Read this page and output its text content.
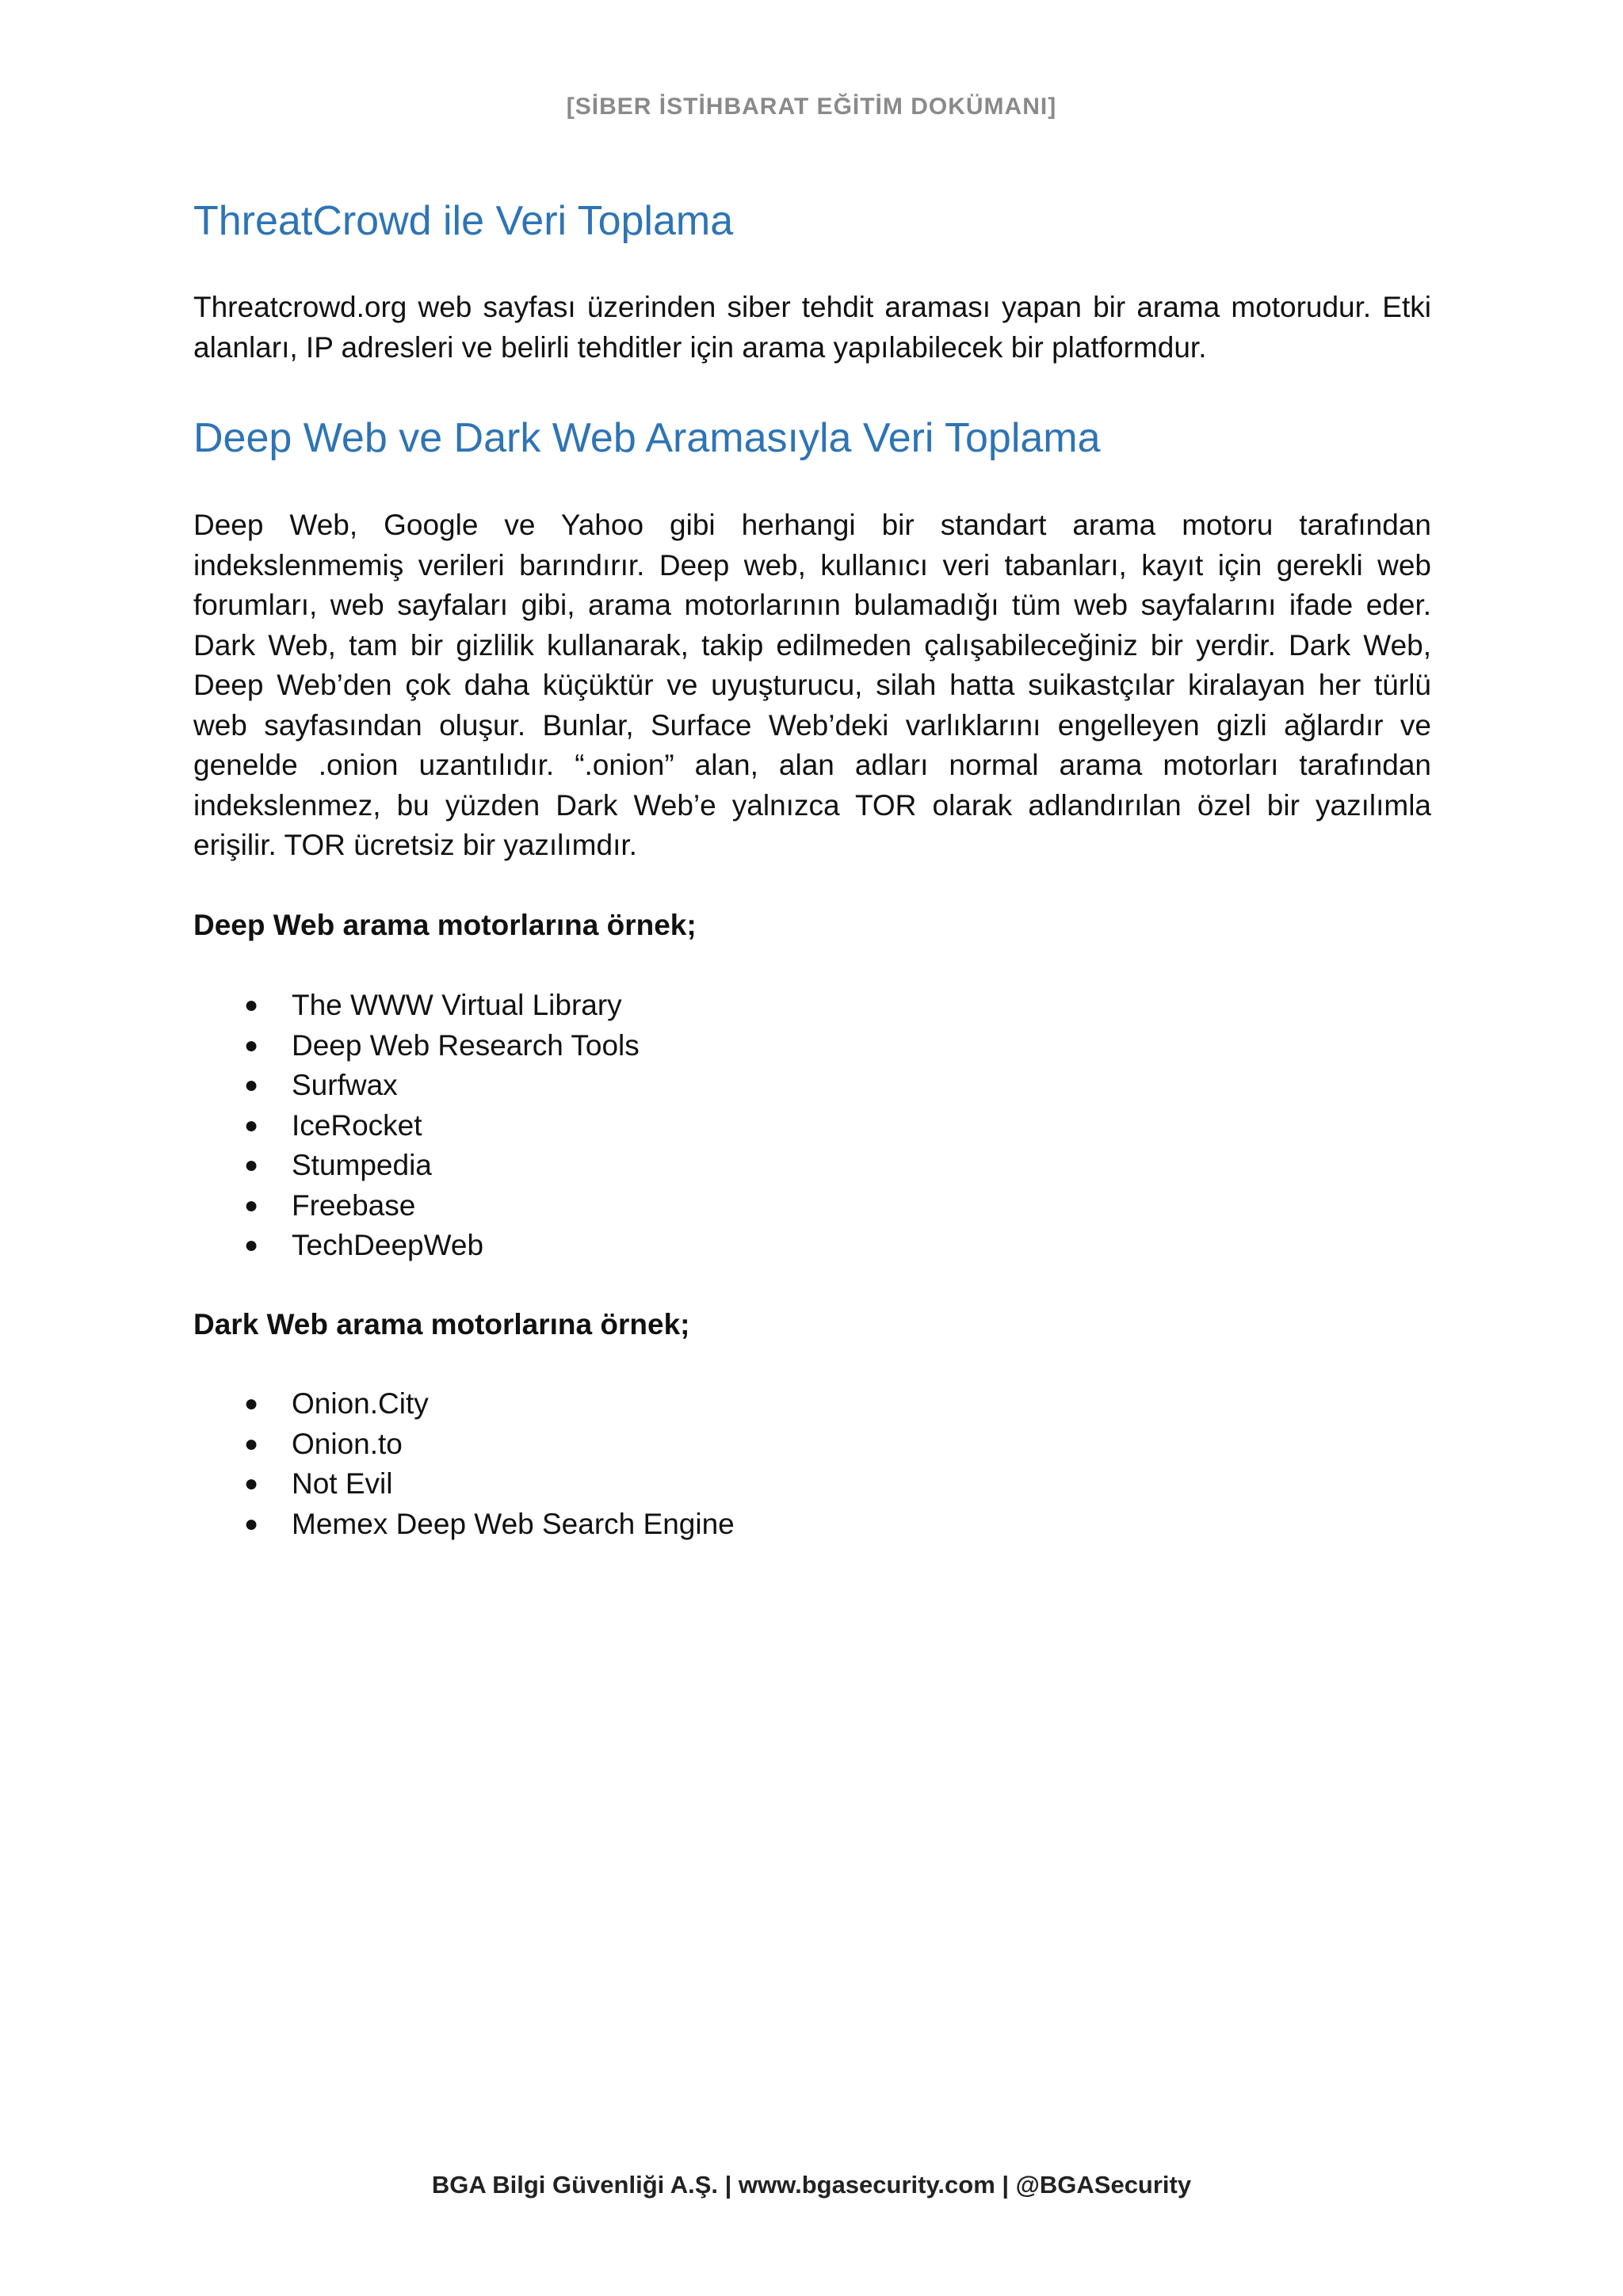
[SİBER İSTİHBARAT EĞİTİM DOKÜMANI]
ThreatCrowd ile Veri Toplama

Threatcrowd.org web sayfası üzerinden siber tehdit araması yapan bir arama motorudur. Etki alanları, IP adresleri ve belirli tehditler için arama yapılabilecek bir platformdur.

Deep Web ve Dark Web Aramasıyla Veri Toplama

Deep Web, Google ve Yahoo gibi herhangi bir standart arama motoru tarafından indekslenmemiş verileri barındırır. Deep web, kullanıcı veri tabanları, kayıt için gerekli web forumları, web sayfaları gibi, arama motorlarının bulamadığı tüm web sayfalarını ifade eder. Dark Web, tam bir gizlilik kullanarak, takip edilmeden çalışabileceğiniz bir yerdir. Dark Web, Deep Web’den çok daha küçüktür ve uyuşturucu, silah hatta suikastçılar kiralayan her türlü web sayfasından oluşur. Bunlar, Surface Web’deki varlıklarını engelleyen gizli ağlardır ve genelde .onion uzantılıdır. “.onion” alan, alan adları normal arama motorları tarafından indekslenmez, bu yüzden Dark Web’e yalnızca TOR olarak adlandırılan özel bir yazılımla erişilir. TOR ücretsiz bir yazılımdır.

Deep Web arama motorlarına örnek;
● The WWW Virtual Library
● Deep Web Research Tools
● Surfwax
● IceRocket
● Stumpedia
● Freebase
● TechDeepWeb
Dark Web arama motorlarına örnek;
● Onion.City
● Onion.to
● Not Evil
● Memex Deep Web Search Engine
BGA Bilgi Güvenliği A.Ş. | www.bgasecurity.com | @BGASecurity
